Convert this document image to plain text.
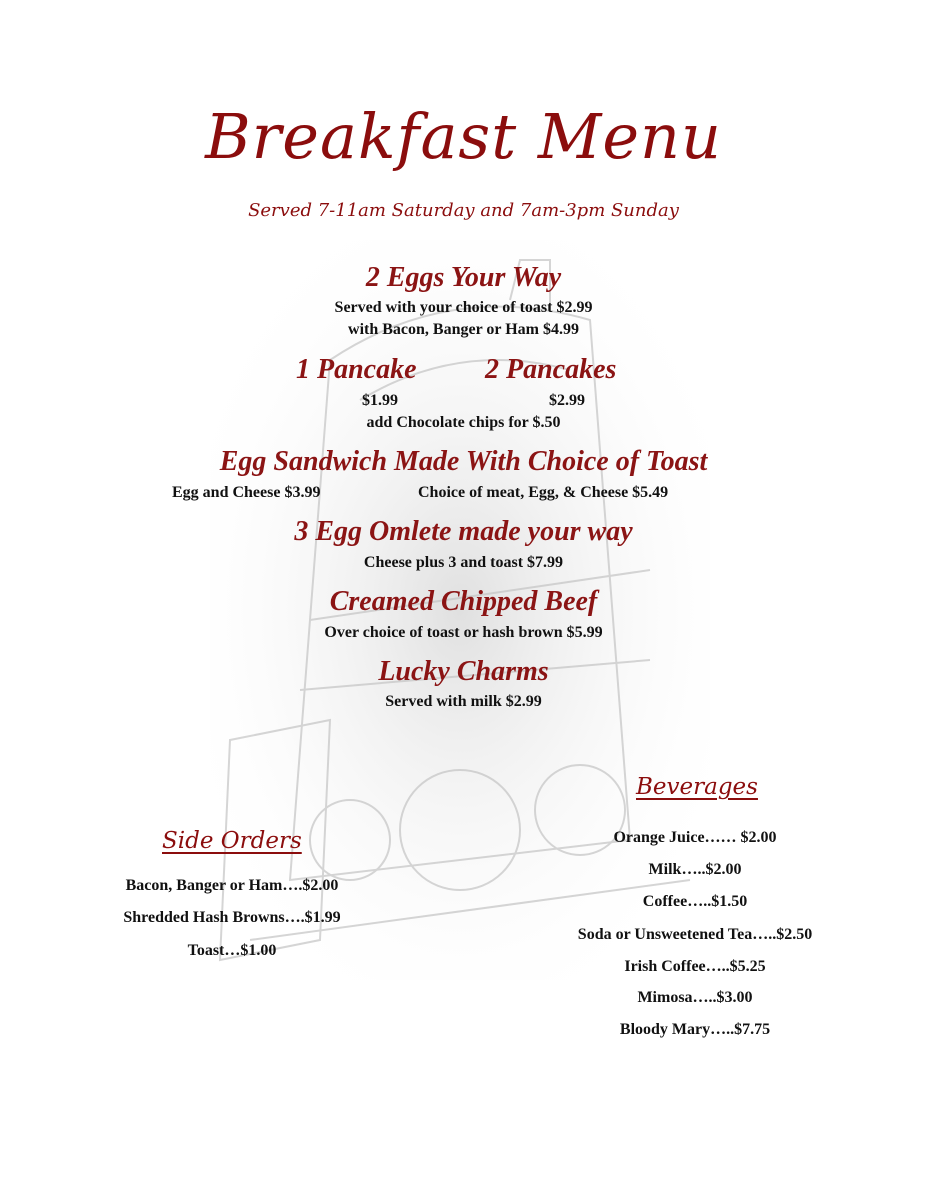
Breakfast Menu
Served 7-11am Saturday and 7am-3pm Sunday
2 Eggs Your Way
Served with your choice of toast $2.99
with Bacon, Banger or Ham $4.99
1 Pancake	2 Pancakes
$1.99	$2.99
add Chocolate chips for $.50
Egg Sandwich Made With Choice of Toast
Egg and Cheese $3.99	Choice of meat, Egg, & Cheese $5.49
3 Egg Omlete made your way
Cheese plus 3 and toast $7.99
Creamed Chipped Beef
Over choice of toast or hash brown $5.99
Lucky Charms
Served with milk $2.99
Side Orders
Bacon, Banger or Ham….$2.00
Shredded Hash Browns….$1.99
Toast…$1.00
Beverages
Orange Juice…… $2.00
Milk…..$2.00
Coffee…..$1.50
Soda or Unsweetened Tea…..$2.50
Irish Coffee…..$5.25
Mimosa…..$3.00
Bloody Mary…..$7.75
